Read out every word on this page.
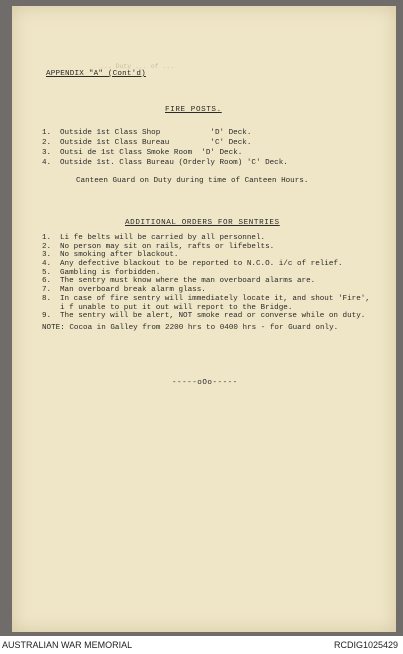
APPENDIX "A" (Cont'd)
... Duty ... of ...
FIRE POSTS.
1. Outside 1st Class Shop           'D' Deck.
2. Outside 1st Class Bureau         'C' Deck.
3. Outsi de 1st Class Smoke Room  'D' Deck.
4. Outside 1st. Class Bureau (Orderly Room) 'C' Deck.
Canteen Guard on Duty during time of Canteen Hours.
ADDITIONAL ORDERS FOR SENTRIES
1. Li fe belts will be carried by all personnel.
2. No person may sit on rails, rafts or lifebelts.
3. No smoking after blackout.
4. Any defective blackout to be reported to N.C.O. i/c of relief.
5. Gambling is forbidden.
6. The sentry must know where the man overboard alarms are.
7. Man overboard break alarm glass.
8. In case of fire sentry will immediately locate it, and shout 'Fire',
i f unable to put it out will report to the Bridge.
9. The sentry will be alert, NOT smoke read or converse while on duty.
NOTE: Cocoa in Galley from 2200 hrs to 0400 hrs - for Guard only.
-----oOo-----
AUSTRALIAN WAR MEMORIAL	RCDIG1025429
